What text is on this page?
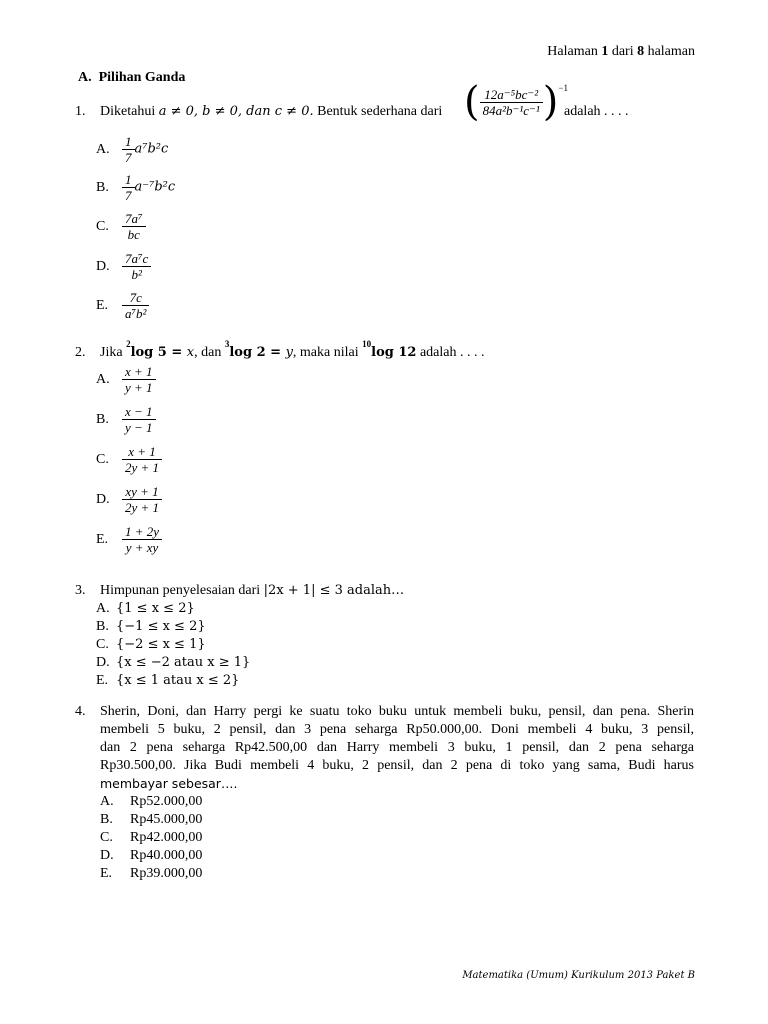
Halaman 1 dari 8 halaman
A.  Pilihan Ganda
1. Diketahui a ≠ 0, b ≠ 0, dan c ≠ 0. Bentuk sederhana dari ( $\frac{\text{12a⁻⁵bc⁻²}}{\text{84a²b⁻¹c⁻¹}} )^{-1}$
adalah . . . .
A. $\frac{1}{7} a^7b^2c$
B. $\frac{1}{7} a^{-7}b^2c$
C. $\frac{\text{7a⁷}}{bc}$
D. $\frac{\text{7a⁷c}}{\text{b²}}$
E. $\frac{7c}{\text{a⁷b²}}$
2. Jika $^2$log 5 = x, dan $^3$log 2 = y, maka nilai $^{10}$log 12 adalah . . . .
A. $\frac{x + 1}{y + 1}$
B. $\frac{x - 1}{y - 1}$
C. $\frac{x + 1}{2y + 1}$
D. $\frac{xy + 1}{2y + 1}$
E. $\frac{1 + 2y}{y + xy}$
3. Himpunan penyelesaian dari |2x + 1| ≤ 3 adalah…
A. {1 ≤ x ≤ 2}
B. {−1 ≤ x ≤ 2}
C. {−2 ≤ x ≤ 1}
D. {x ≤ −2 atau x ≥ 1}
E. {x ≤ 1 atau x ≤ 2}
4. Sherin, Doni, dan Harry pergi ke suatu toko buku untuk membeli buku, pensil, dan pena. Sherin
membeli 5 buku, 2 pensil, dan 3 pena seharga Rp50.000,00. Doni membeli 4 buku, 3 pensil,
dan 2 pena seharga Rp42.500,00 dan Harry membeli 3 buku, 1 pensil, dan 2 pena seharga
Rp30.500,00. Jika Budi membeli 4 buku, 2 pensil, dan 2 pena di toko yang sama, Budi harus
membayar sebesar….
A. Rp52.000,00
B. Rp45.000,00
C. Rp42.000,00
D. Rp40.000,00
E. Rp39.000,00
Matematika (Umum) Kurikulum 2013 Paket B
